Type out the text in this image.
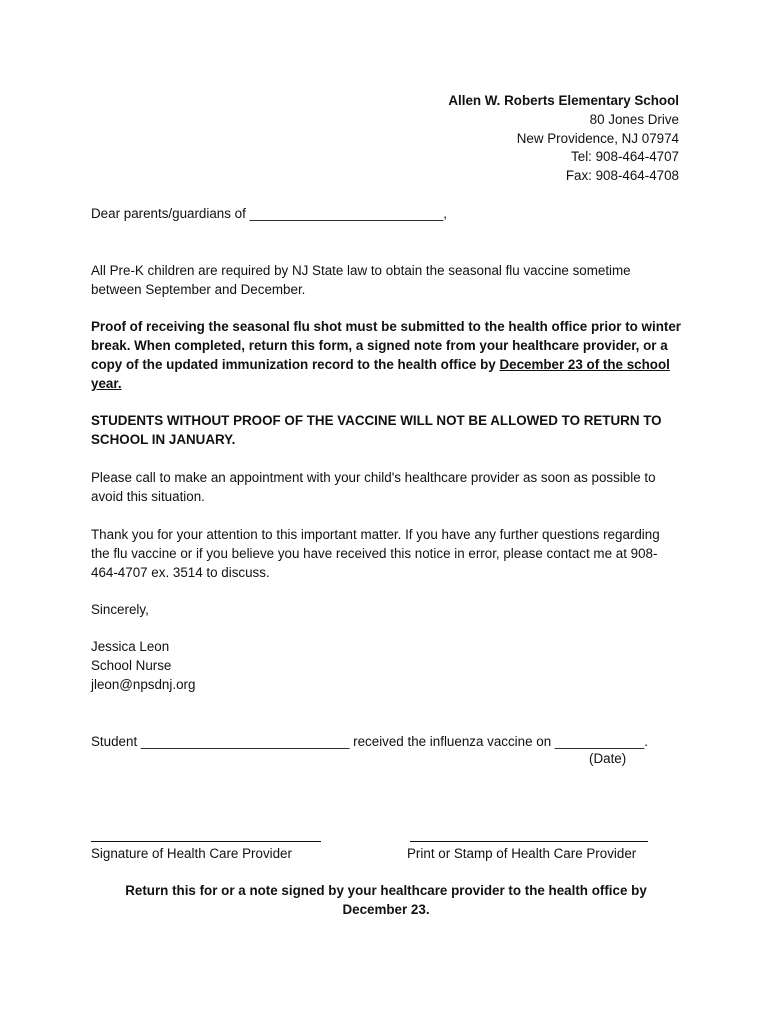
Allen W. Roberts Elementary School
80 Jones Drive
New Providence, NJ 07974
Tel: 908-464-4707
Fax: 908-464-4708
Dear parents/guardians of __________________________,
All Pre-K children are required by NJ State law to obtain the seasonal flu vaccine sometime between September and December.
Proof of receiving the seasonal flu shot must be submitted to the health office prior to winter break. When completed, return this form, a signed note from your healthcare provider, or a copy of the updated immunization record to the health office by December 23 of the school year.
STUDENTS WITHOUT PROOF OF THE VACCINE WILL NOT BE ALLOWED TO RETURN TO SCHOOL IN JANUARY.
Please call to make an appointment with your child's healthcare provider as soon as possible to avoid this situation.
Thank you for your attention to this important matter. If you have any further questions regarding the flu vaccine or if you believe you have received this notice in error, please contact me at 908-464-4707 ex. 3514 to discuss.
Sincerely,
Jessica Leon
School Nurse
jleon@npsdnj.org
Student ____________________________ received the influenza vaccine on ____________.
(Date)
Signature of Health Care Provider	Print or Stamp of Health Care Provider
Return this for or a note signed by your healthcare provider to the health office by
December 23.
